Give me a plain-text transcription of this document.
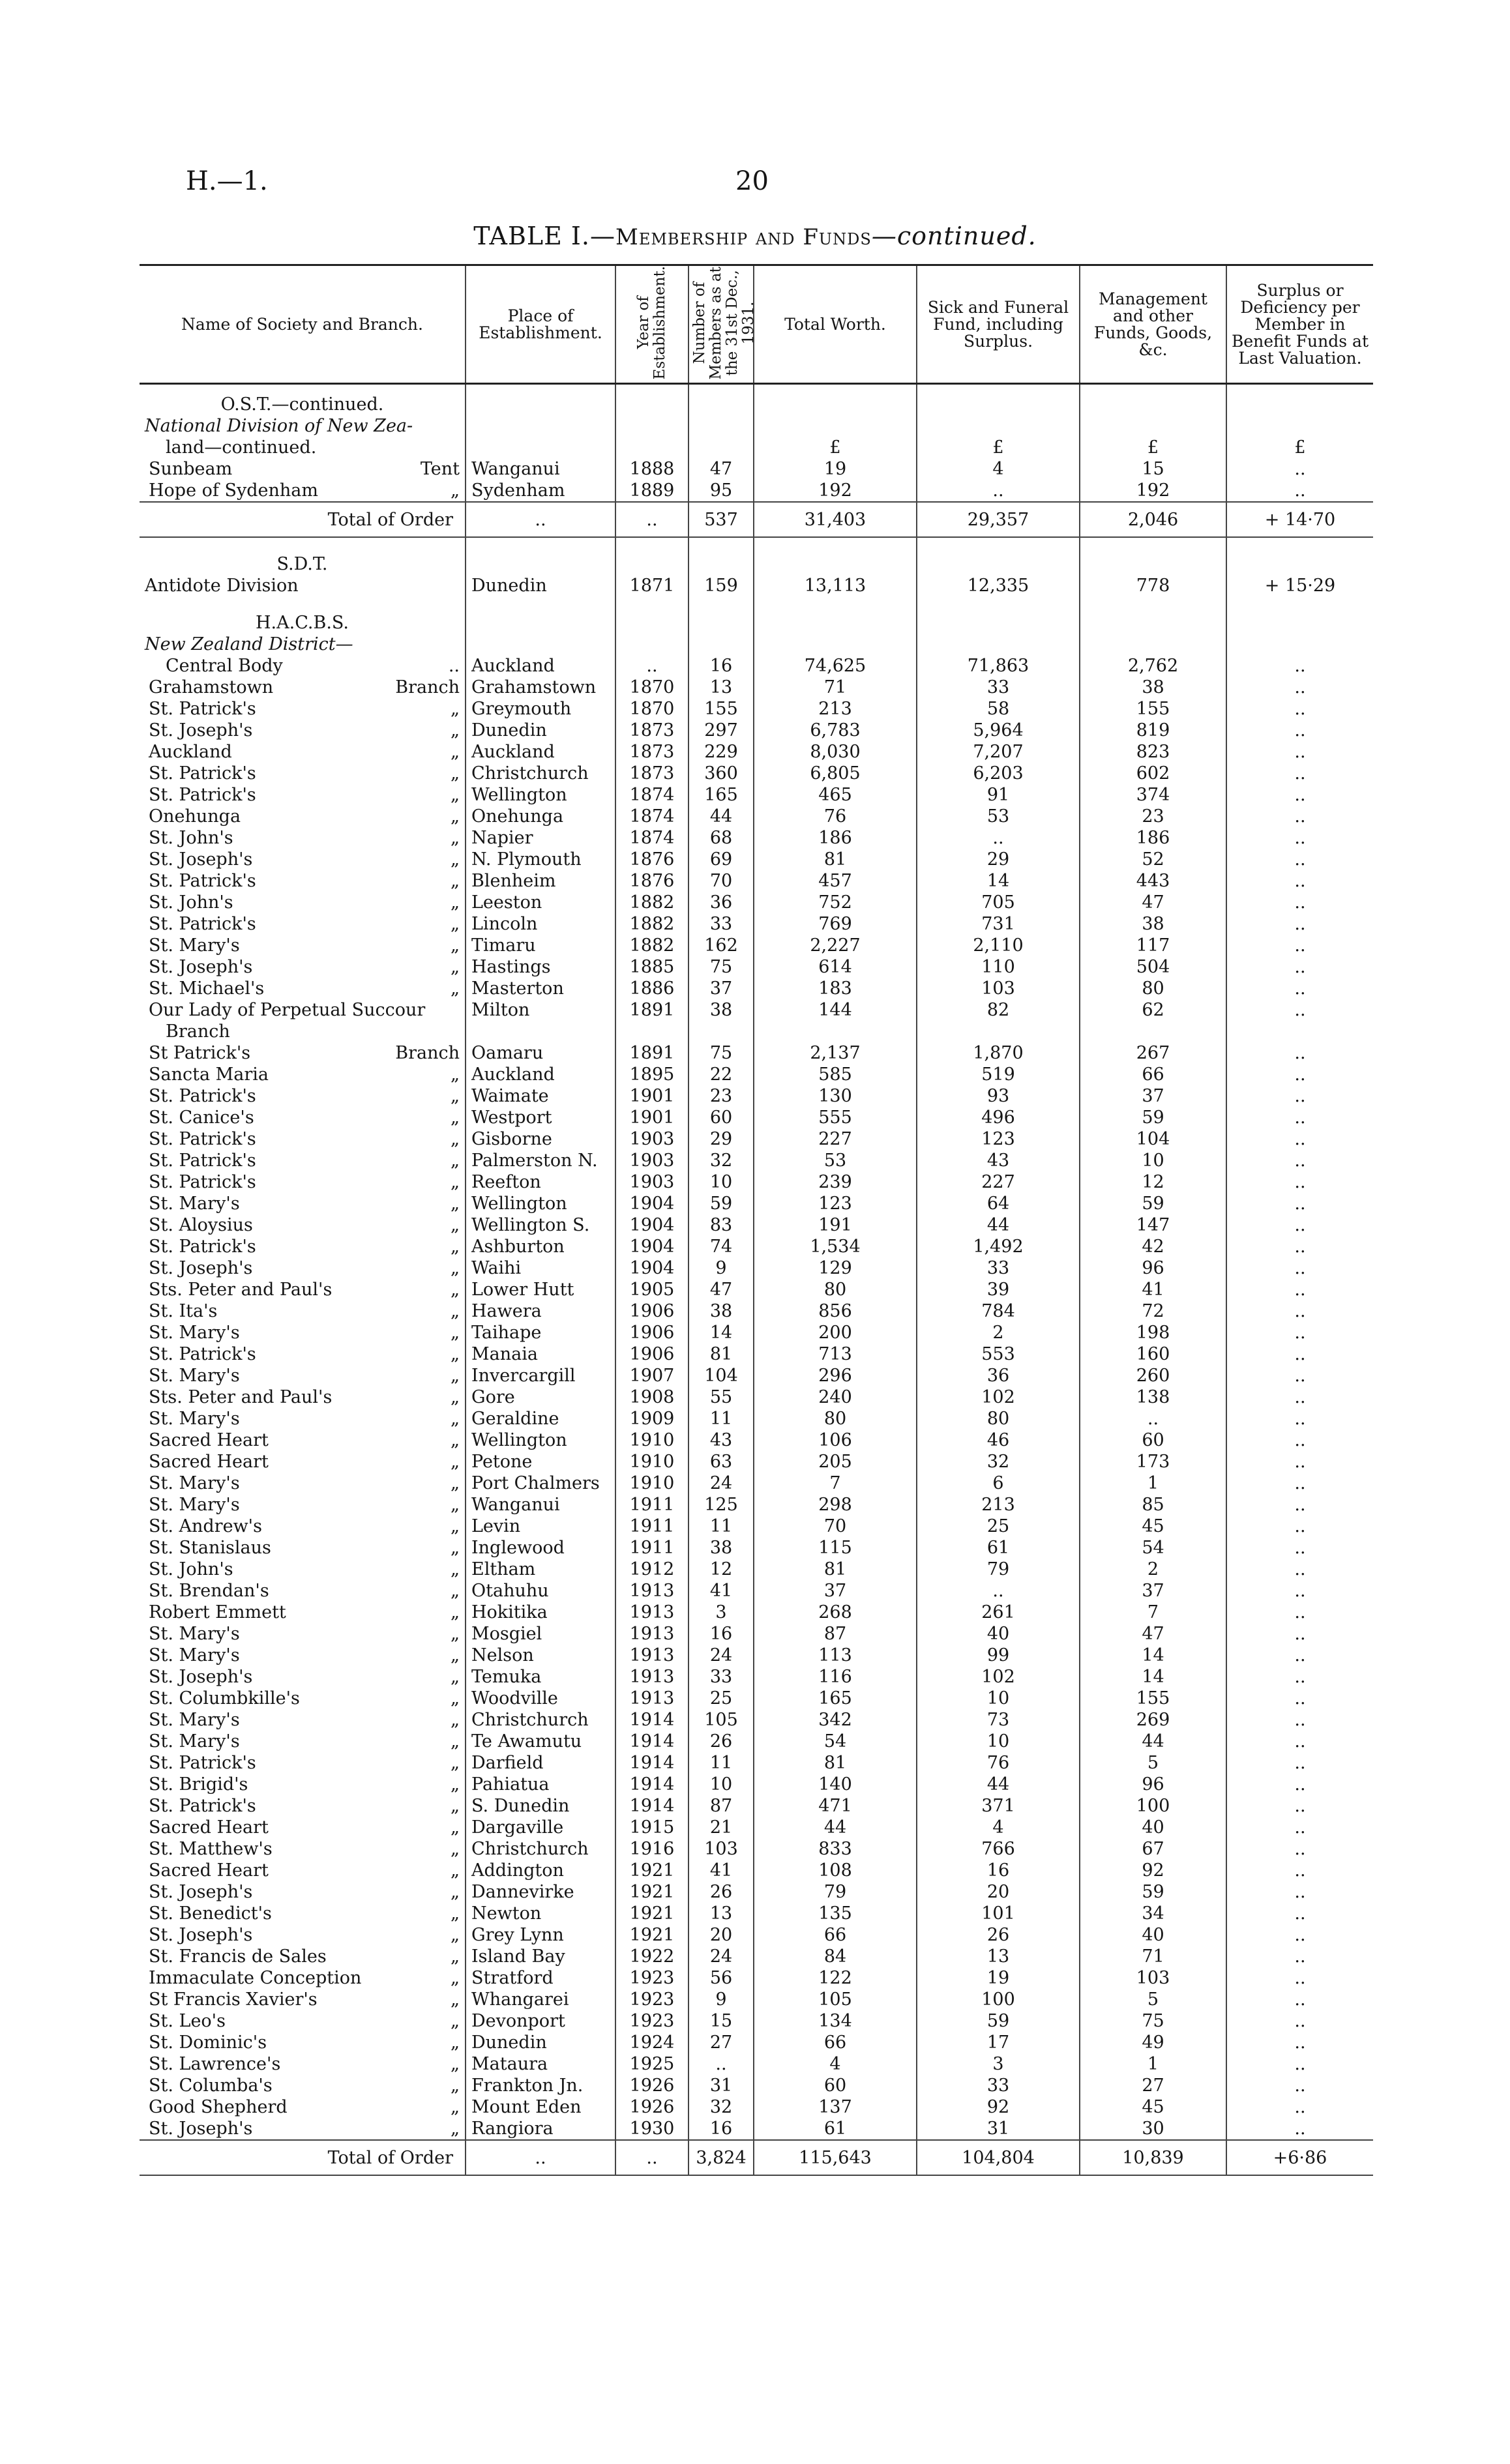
H.—1.	20
TABLE I.—Membership and Funds—continued.
Name of Society and Branch.	Place of Establishment.	Year of Establishment.	Number of Members as at the 31st Dec., 1931.	Total Worth.	Sick and Funeral Fund, including Surplus.	Management and other Funds, Goods, &c.	Surplus or Deficiency per Member in Benefit Funds at Last Valuation.

O.S.T.—continued.							
National Division of New Zea-							
land—continued.				£	£	£	£

Sunbeam Tent	Wanganui	1888	47	19	4	15	..

Hope of Sydenham „	Sydenham	1889	95	192	..	192	..
Total of Order	..	..	537	31,403	29,357	2,046	+ 14·70

S.D.T.							
Antidote Division	Dunedin	1871	159	13,113	12,335	778	+ 15·29

H.A.C.B.S.							
New Zealand District—							

Central Body ..	Auckland	..	16	74,625	71,863	2,762	..

Grahamstown Branch	Grahamstown	1870	13	71	33	38	..

St. Patrick's „	Greymouth	1870	155	213	58	155	..

St. Joseph's „	Dunedin	1873	297	6,783	5,964	819	..

Auckland „	Auckland	1873	229	8,030	7,207	823	..

St. Patrick's „	Christchurch	1873	360	6,805	6,203	602	..

St. Patrick's „	Wellington	1874	165	465	91	374	..

Onehunga „	Onehunga	1874	44	76	53	23	..

St. John's „	Napier	1874	68	186	..	186	..

St. Joseph's „	N. Plymouth	1876	69	81	29	52	..

St. Patrick's „	Blenheim	1876	70	457	14	443	..

St. John's „	Leeston	1882	36	752	705	47	..

St. Patrick's „	Lincoln	1882	33	769	731	38	..

St. Mary's „	Timaru	1882	162	2,227	2,110	117	..

St. Joseph's „	Hastings	1885	75	614	110	504	..

St. Michael's „	Masterton	1886	37	183	103	80	..

Our Lady of Perpetual Succour	Milton	1891	38	144	82	62	..

Branch							

St Patrick's Branch	Oamaru	1891	75	2,137	1,870	267	..

Sancta Maria „	Auckland	1895	22	585	519	66	..

St. Patrick's „	Waimate	1901	23	130	93	37	..

St. Canice's „	Westport	1901	60	555	496	59	..

St. Patrick's „	Gisborne	1903	29	227	123	104	..

St. Patrick's „	Palmerston N.	1903	32	53	43	10	..

St. Patrick's „	Reefton	1903	10	239	227	12	..

St. Mary's „	Wellington	1904	59	123	64	59	..

St. Aloysius „	Wellington S.	1904	83	191	44	147	..

St. Patrick's „	Ashburton	1904	74	1,534	1,492	42	..

St. Joseph's „	Waihi	1904	9	129	33	96	..

Sts. Peter and Paul's „	Lower Hutt	1905	47	80	39	41	..

St. Ita's „	Hawera	1906	38	856	784	72	..

St. Mary's „	Taihape	1906	14	200	2	198	..

St. Patrick's „	Manaia	1906	81	713	553	160	..

St. Mary's „	Invercargill	1907	104	296	36	260	..

Sts. Peter and Paul's „	Gore	1908	55	240	102	138	..

St. Mary's „	Geraldine	1909	11	80	80	..	..

Sacred Heart „	Wellington	1910	43	106	46	60	..

Sacred Heart „	Petone	1910	63	205	32	173	..

St. Mary's „	Port Chalmers	1910	24	7	6	1	..

St. Mary's „	Wanganui	1911	125	298	213	85	..

St. Andrew's „	Levin	1911	11	70	25	45	..

St. Stanislaus „	Inglewood	1911	38	115	61	54	..

St. John's „	Eltham	1912	12	81	79	2	..

St. Brendan's „	Otahuhu	1913	41	37	..	37	..

Robert Emmett „	Hokitika	1913	3	268	261	7	..

St. Mary's „	Mosgiel	1913	16	87	40	47	..

St. Mary's „	Nelson	1913	24	113	99	14	..

St. Joseph's „	Temuka	1913	33	116	102	14	..

St. Columbkille's „	Woodville	1913	25	165	10	155	..

St. Mary's „	Christchurch	1914	105	342	73	269	..

St. Mary's „	Te Awamutu	1914	26	54	10	44	..

St. Patrick's „	Darfield	1914	11	81	76	5	..

St. Brigid's „	Pahiatua	1914	10	140	44	96	..

St. Patrick's „	S. Dunedin	1914	87	471	371	100	..

Sacred Heart „	Dargaville	1915	21	44	4	40	..

St. Matthew's „	Christchurch	1916	103	833	766	67	..

Sacred Heart „	Addington	1921	41	108	16	92	..

St. Joseph's „	Dannevirke	1921	26	79	20	59	..

St. Benedict's „	Newton	1921	13	135	101	34	..

St. Joseph's „	Grey Lynn	1921	20	66	26	40	..

St. Francis de Sales „	Island Bay	1922	24	84	13	71	..

Immaculate Conception „	Stratford	1923	56	122	19	103	..

St Francis Xavier's „	Whangarei	1923	9	105	100	5	..

St. Leo's „	Devonport	1923	15	134	59	75	..

St. Dominic's „	Dunedin	1924	27	66	17	49	..

St. Lawrence's „	Mataura	1925	..	4	3	1	..

St. Columba's „	Frankton Jn.	1926	31	60	33	27	..

Good Shepherd „	Mount Eden	1926	32	137	92	45	..

St. Joseph's „	Rangiora	1930	16	61	31	30	..
Total of Order	..	..	3,824	115,643	104,804	10,839	+6·86
